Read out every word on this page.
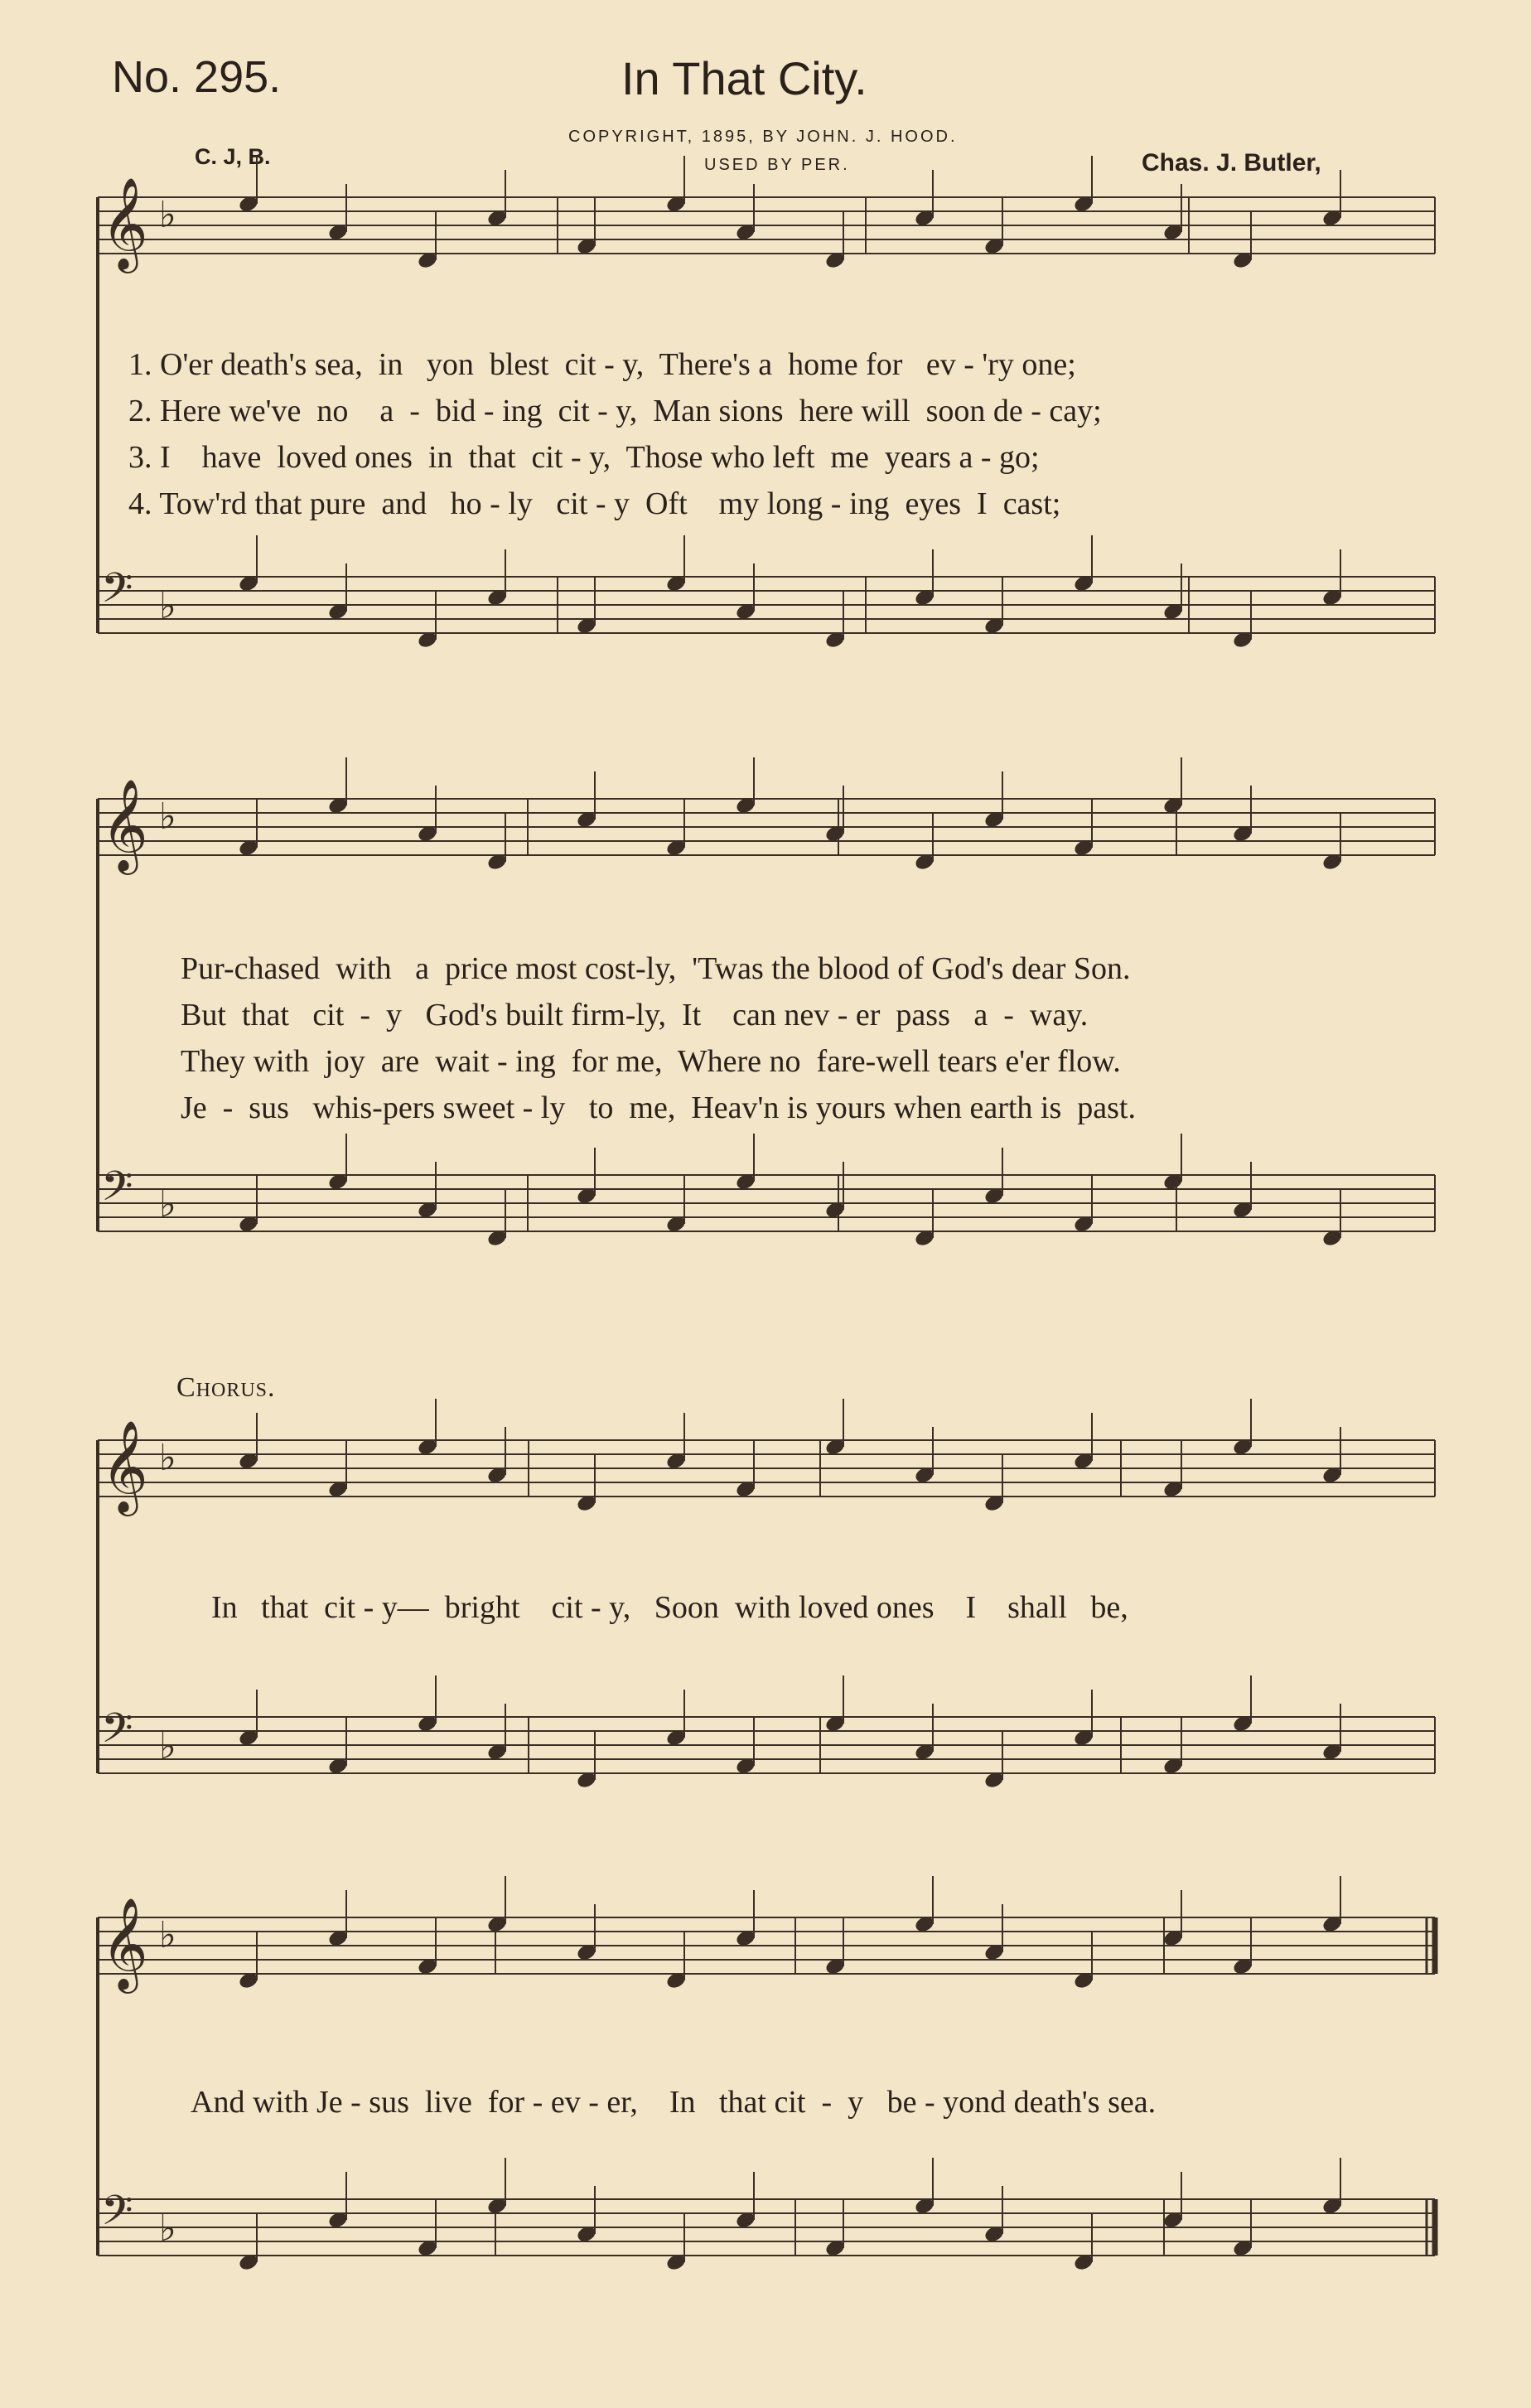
No. 295.	In That City.
COPYRIGHT, 1895, BY JOHN. J. HOOD.
USED BY PER.
C. J, B.	Chas. J. Butler,
𝄞 ♭
𝄢 ♭
𝄞 ♭
𝄢 ♭
𝄞 ♭
𝄢 ♭
𝄞 ♭
𝄢 ♭
1. O'er death's sea,  in   yon  blest  cit - y,  There's a  home for   ev - 'ry one;
2. Here we've  no    a  -  bid - ing  cit - y,  Man sions  here will  soon de - cay;
3. I    have  loved ones  in  that  cit - y,  Those who left  me  years a - go;
4. Tow'rd that pure  and   ho - ly   cit - y  Oft    my long - ing  eyes  I  cast;
Pur-chased  with   a  price most cost-ly,  'Twas the blood of God's dear Son.
But  that   cit  -  y   God's built firm-ly,  It    can nev - er  pass   a  -  way.
They with  joy  are  wait - ing  for me,  Where no  fare-well tears e'er flow.
Je  -  sus   whis-pers sweet - ly   to  me,  Heav'n is yours when earth is  past.
Chorus.
In   that  cit - y—  bright    cit - y,   Soon  with loved ones    I    shall   be,
And with Je - sus  live  for - ev - er,    In   that cit  -  y   be - yond death's sea.
